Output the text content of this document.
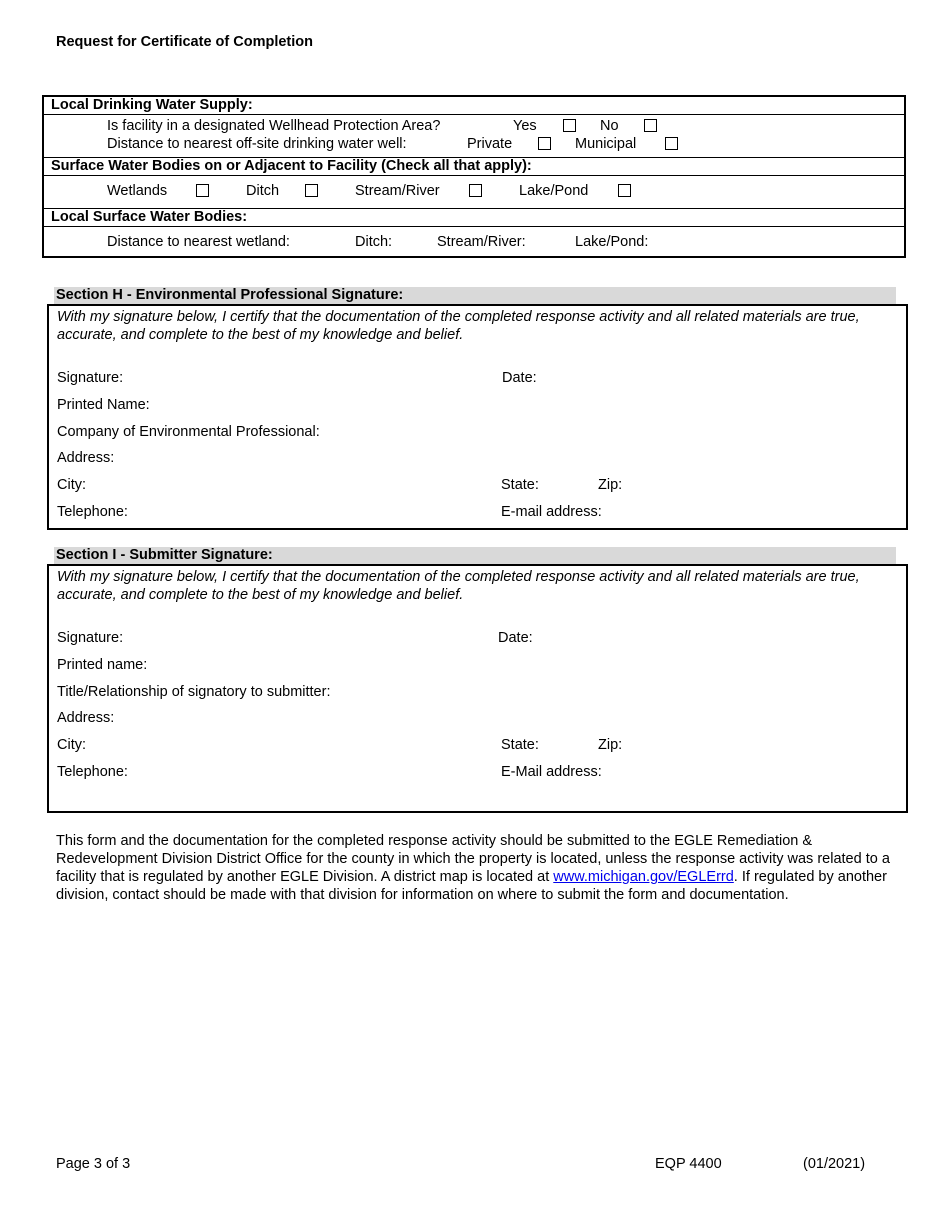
Request for Certificate of Completion
Local Drinking Water Supply:
Is facility in a designated Wellhead Protection Area?	Yes	No
Distance to nearest off-site drinking water well:	Private	Municipal
Surface Water Bodies on or Adjacent to Facility (Check all that apply):
Wetlands	Ditch	Stream/River	Lake/Pond
Local Surface Water Bodies:
Distance to nearest wetland:	Ditch:	Stream/River:	Lake/Pond:
Section H - Environmental Professional Signature:
With my signature below, I certify that the documentation of the completed response activity and all related materials are true, accurate, and complete to the best of my knowledge and belief.
Signature:	Date:
Printed Name:
Company of Environmental Professional:
Address:
City:	State:	Zip:
Telephone:	E-mail address:
Section I - Submitter Signature:
With my signature below, I certify that the documentation of the completed response activity and all related materials are true, accurate, and complete to the best of my knowledge and belief.
Signature:	Date:
Printed name:
Title/Relationship of signatory to submitter:
Address:
City:	State:	Zip:
Telephone:	E-Mail address:
This form and the documentation for the completed response activity should be submitted to the EGLE Remediation & Redevelopment Division District Office for the county in which the property is located, unless the response activity was related to a facility that is regulated by another EGLE Division. A district map is located at www.michigan.gov/EGLErrd. If regulated by another division, contact should be made with that division for information on where to submit the form and documentation.
Page 3 of 3	EQP 4400	(01/2021)
